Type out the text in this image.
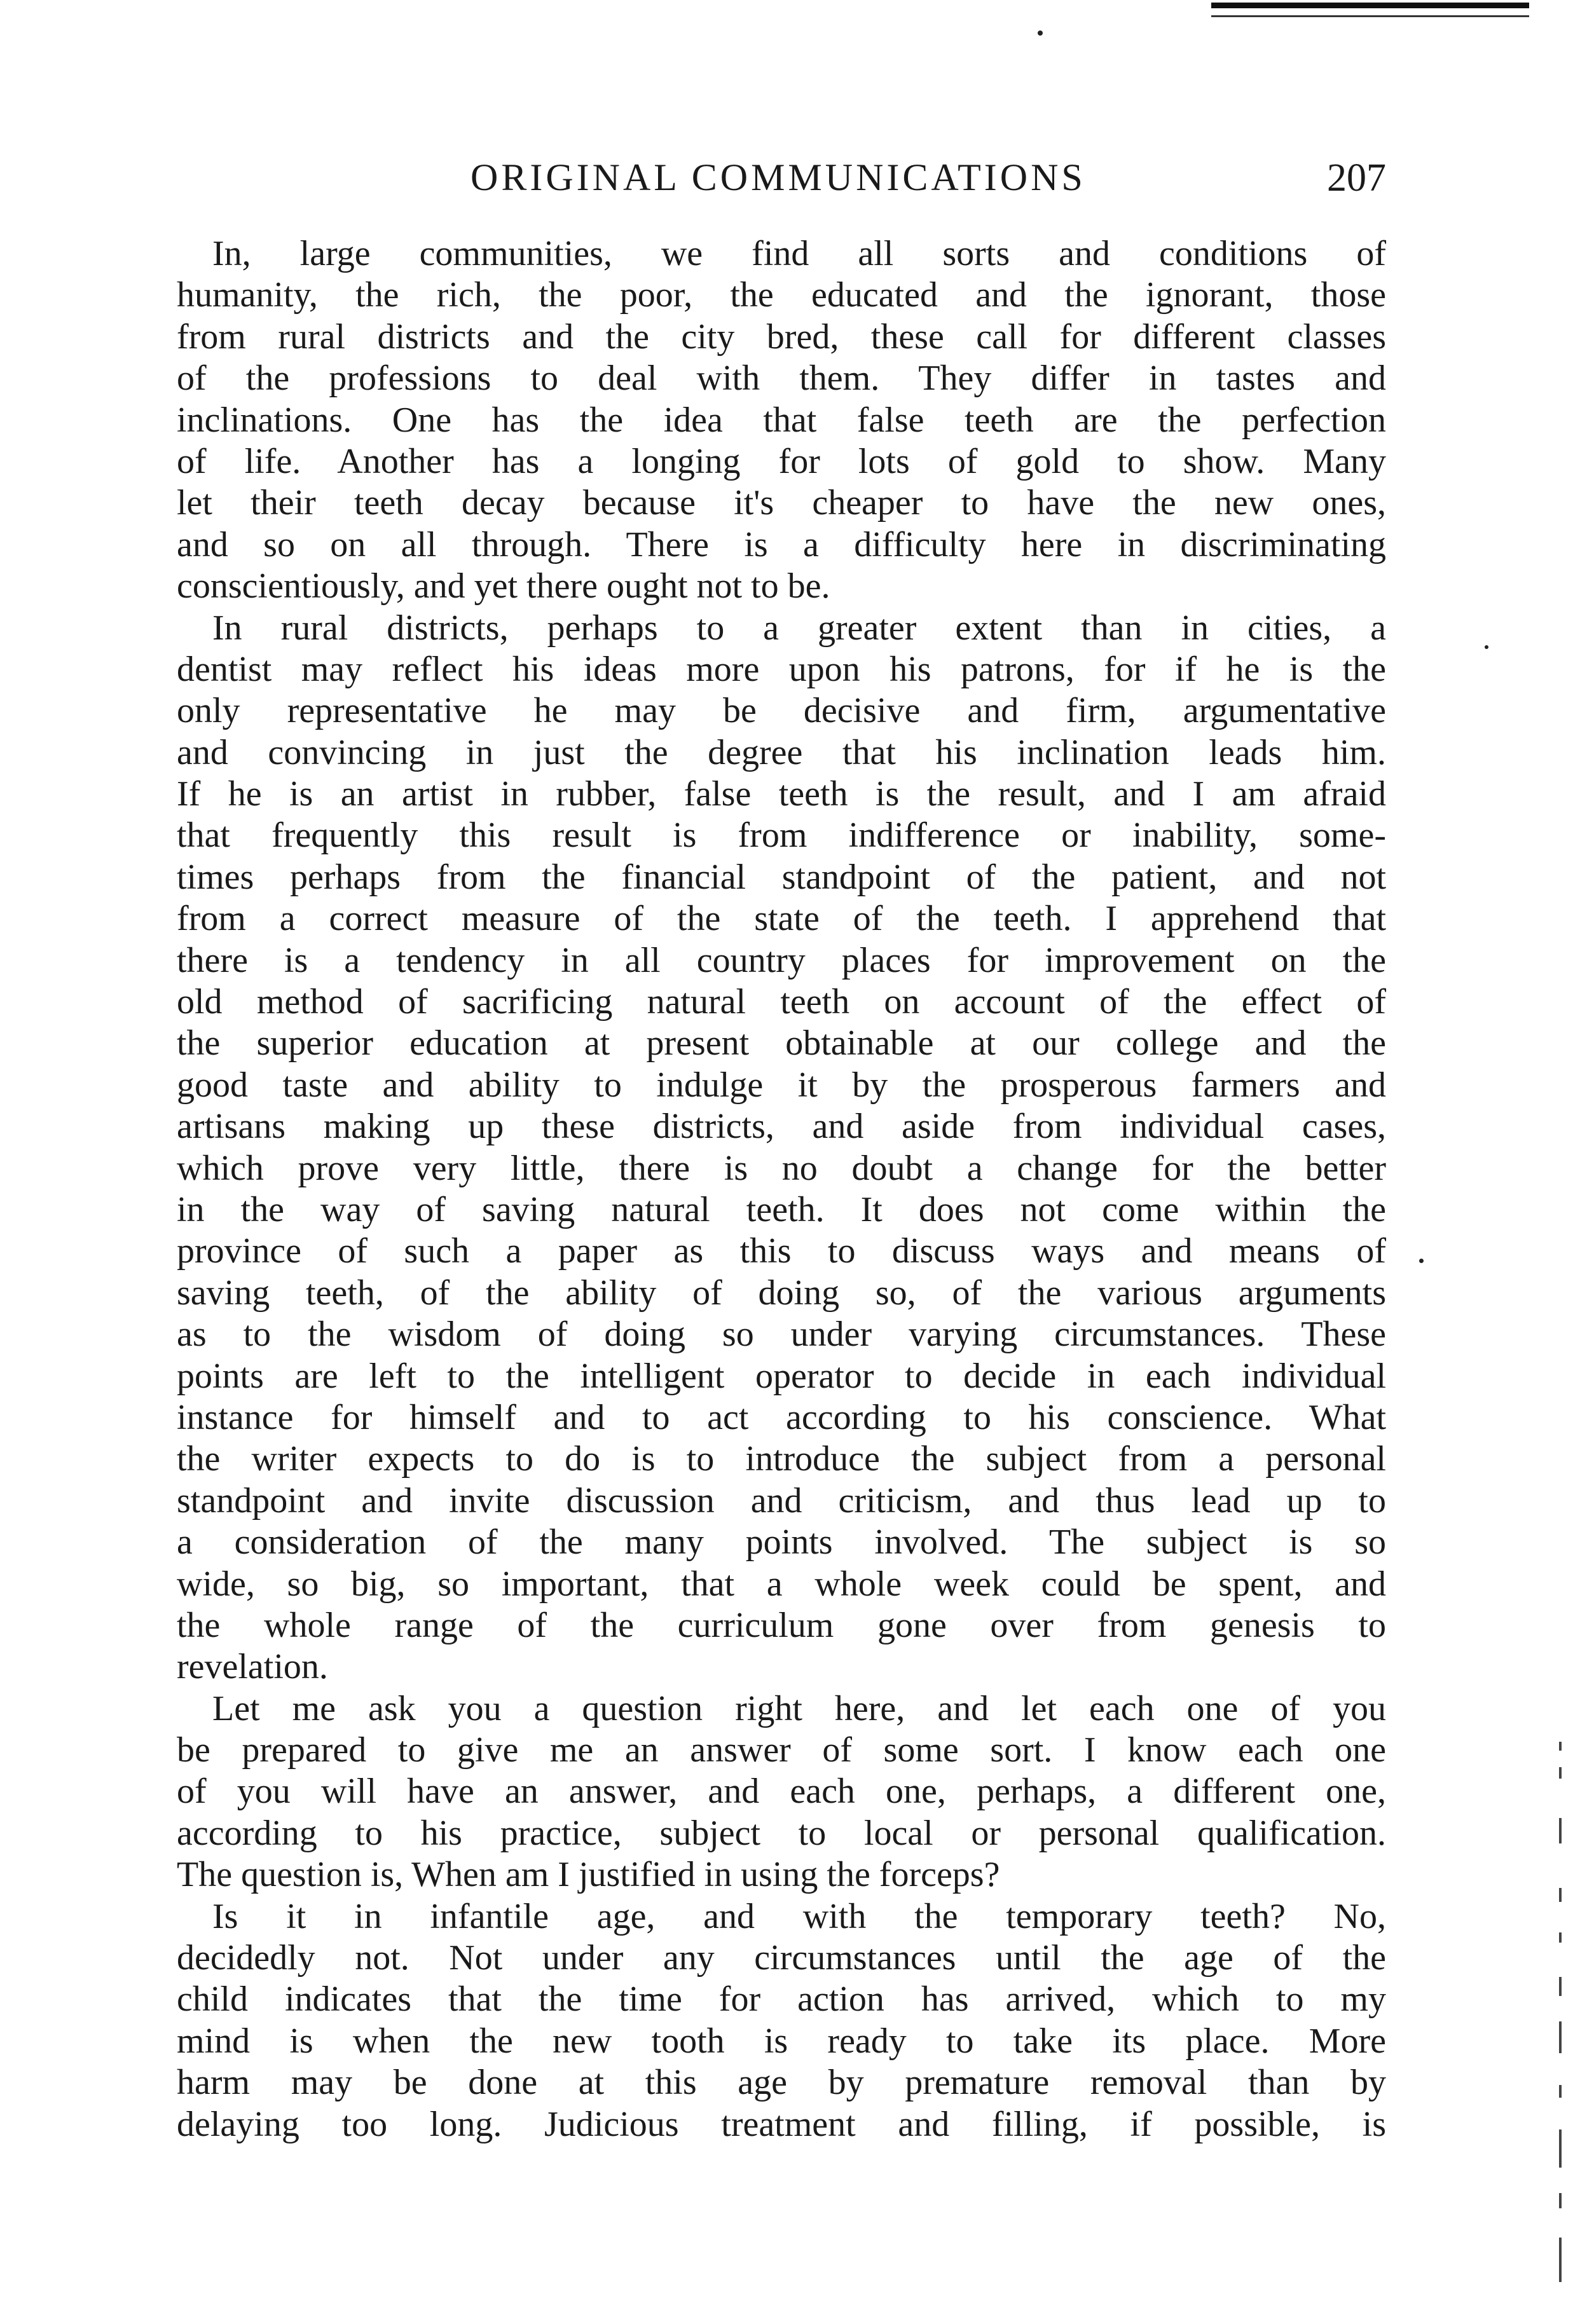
ORIGINAL COMMUNICATIONS	207
In, large communities, we find all sorts and conditions of
humanity, the rich, the poor, the educated and the ignorant, those
from rural districts and the city bred, these call for different classes
of the professions to deal with them. They differ in tastes and
inclinations. One has the idea that false teeth are the perfection
of life. Another has a longing for lots of gold to show. Many
let their teeth decay because it's cheaper to have the new ones,
and so on all through. There is a difficulty here in discriminating
conscientiously, and yet there ought not to be.
In rural districts, perhaps to a greater extent than in cities, a
dentist may reflect his ideas more upon his patrons, for if he is the
only representative he may be decisive and firm, argumentative
and convincing in just the degree that his inclination leads him.
If he is an artist in rubber, false teeth is the result, and I am afraid
that frequently this result is from indifference or inability, some-
times perhaps from the financial standpoint of the patient, and not
from a correct measure of the state of the teeth. I apprehend that
there is a tendency in all country places for improvement on the
old method of sacrificing natural teeth on account of the effect of
the superior education at present obtainable at our college and the
good taste and ability to indulge it by the prosperous farmers and
artisans making up these districts, and aside from individual cases,
which prove very little, there is no doubt a change for the better
in the way of saving natural teeth. It does not come within the
province of such a paper as this to discuss ways and means of
saving teeth, of the ability of doing so, of the various arguments
as to the wisdom of doing so under varying circumstances. These
points are left to the intelligent operator to decide in each individual
instance for himself and to act according to his conscience. What
the writer expects to do is to introduce the subject from a personal
standpoint and invite discussion and criticism, and thus lead up to
a consideration of the many points involved. The subject is so
wide, so big, so important, that a whole week could be spent, and
the whole range of the curriculum gone over from genesis to
revelation.
Let me ask you a question right here, and let each one of you
be prepared to give me an answer of some sort. I know each one
of you will have an answer, and each one, perhaps, a different one,
according to his practice, subject to local or personal qualification.
The question is, When am I justified in using the forceps?
Is it in infantile age, and with the temporary teeth? No,
decidedly not. Not under any circumstances until the age of the
child indicates that the time for action has arrived, which to my
mind is when the new tooth is ready to take its place. More
harm may be done at this age by premature removal than by
delaying too long. Judicious treatment and filling, if possible, is
